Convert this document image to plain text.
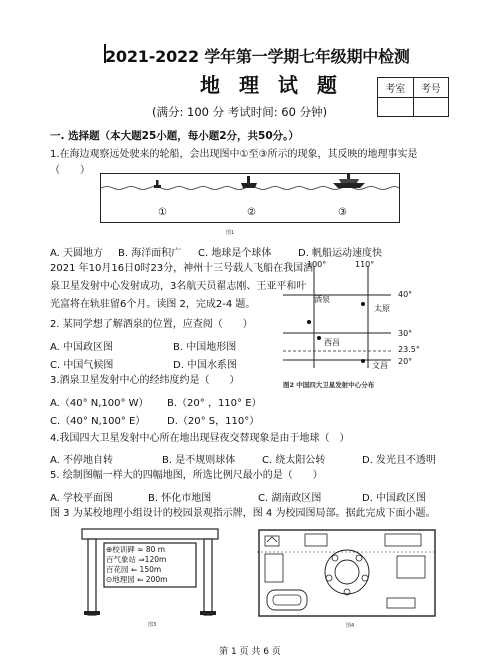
2021-2022 学年第一学期七年级期中检测
地 理 试 题
(满分: 100 分 考试时间: 60 分钟)
考室	考号

一. 选择题（本大题25小题，每小题2分，共50分。）
1.在海边观察远处驶来的轮船，会出现图中①至③所示的现象，其反映的地理事实是
（　　）
①	②	③
图1
A. 天圆地方 B. 海洋面积广 C. 地球是个球体	D. 帆船运动速度快
2021 年10月16日0时23分，神州十三号载人飞船在我国酒
泉卫星发射中心发射成功，3名航天员翟志刚、王亚平和叶
光富将在轨驻留6个月。读图 2，完成2-4 题。
100°	110°
40°
30°
23.5°
20°
酒泉
太原
西昌
文昌
图2 中国四大卫星发射中心分布
2. 某同学想了解酒泉的位置，应查阅（　　）
A. 中国政区图	B. 中国地形图
C. 中国气候图	D. 中国水系图
3.酒泉卫星发射中心的经纬度约是（　　）
A.（40° N,100° W） B.（20° ，110° E）
C.（40° N,100° E） D.（20° S，110°）
4.我国四大卫星发射中心所在地出现昼夜交替现象是由于地球（　）
A. 不停地自转	B. 是不规则球体	C. 绕太阳公转	D. 发光且不透明
5. 绘制图幅一样大的四幅地图，所选比例尺最小的是（　　）
A. 学校平面图	B. 怀化市地图	C. 湖南政区图	D. 中国政区图
图 3 为某校地理小组设计的校园景观指示牌，图 4 为校园图局部。据此完成下面小题。
⊕校训碑 ≈ 80 m
百气象站 ⇒120m
百花园 ⇐ 150m
⊙地理园 ⇐ 200m
图3	图4
第 1 页 共 6 页
